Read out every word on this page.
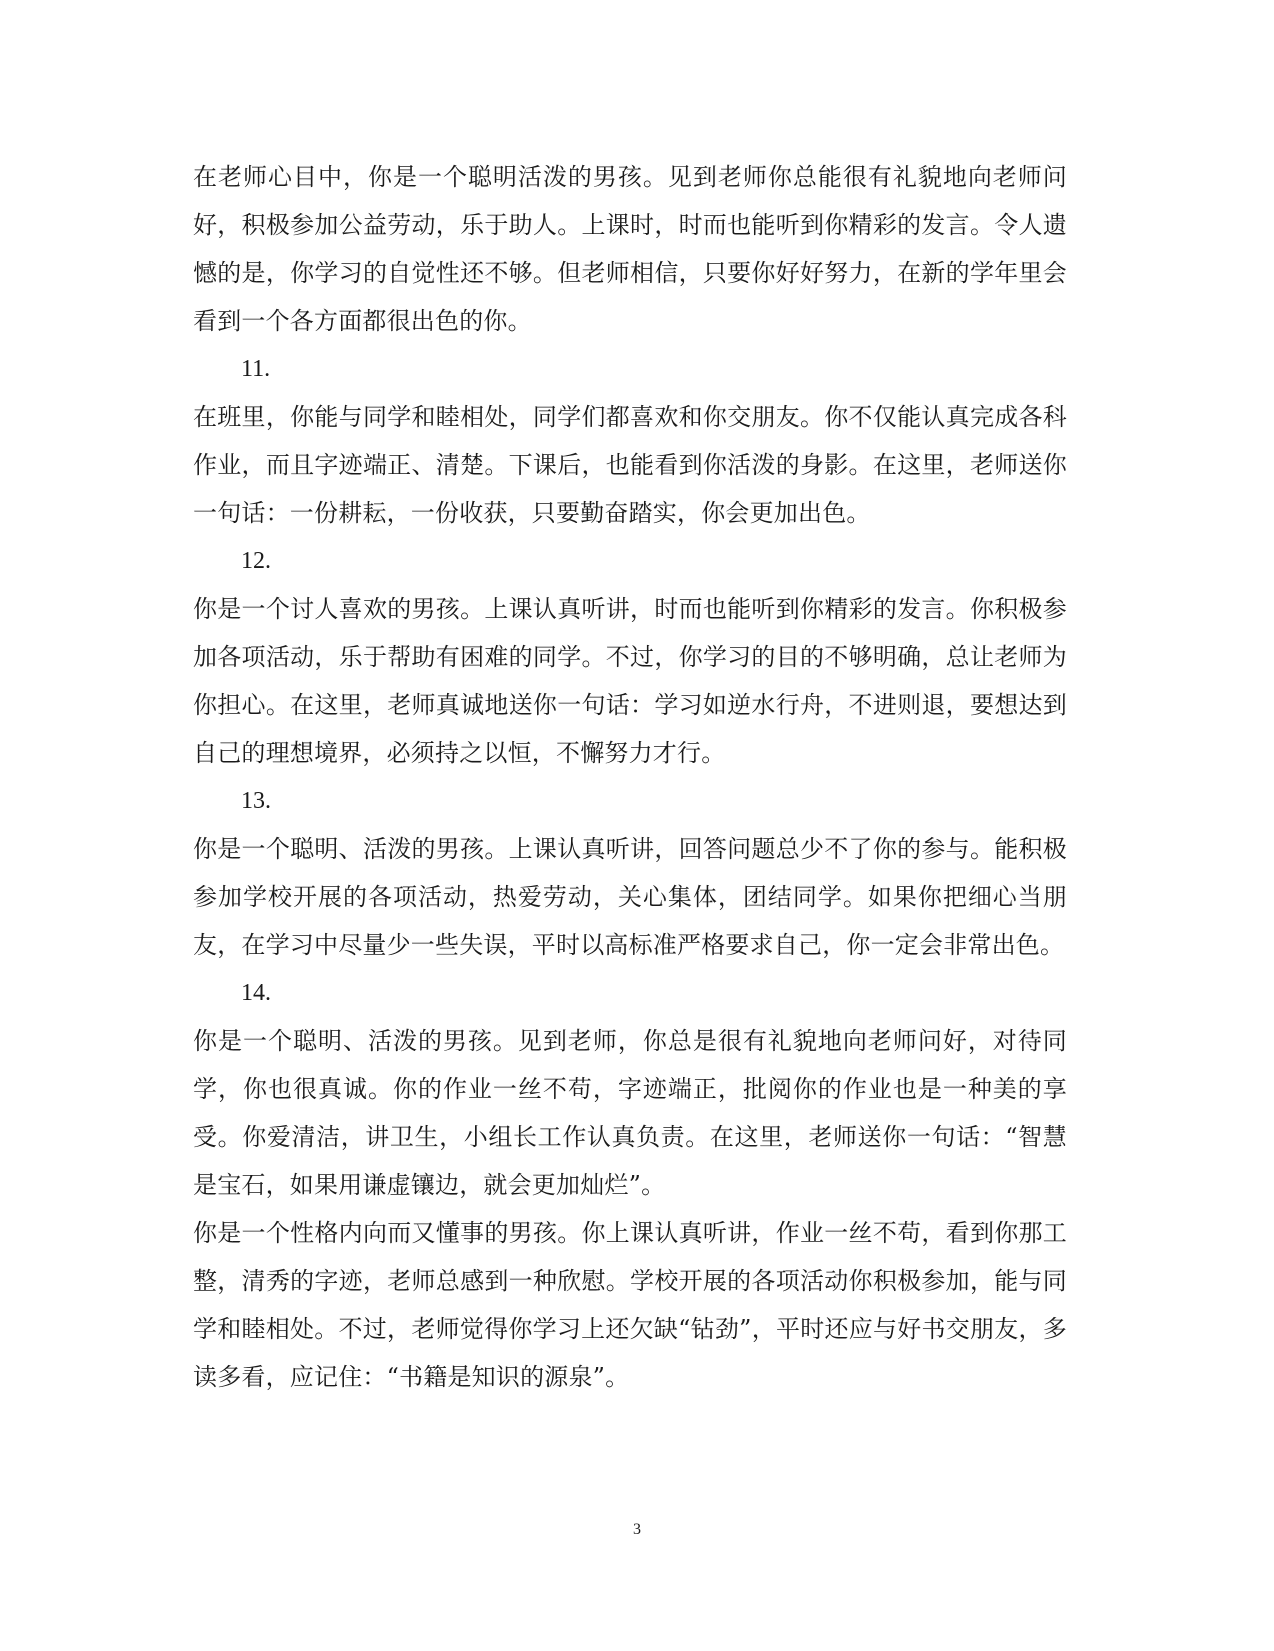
在老师心目中，你是一个聪明活泼的男孩。见到老师你总能很有礼貌地向老师问好，积极参加公益劳动，乐于助人。上课时，时而也能听到你精彩的发言。令人遗憾的是，你学习的自觉性还不够。但老师相信，只要你好好努力，在新的学年里会看到一个各方面都很出色的你。

11.

在班里，你能与同学和睦相处，同学们都喜欢和你交朋友。你不仅能认真完成各科作业，而且字迹端正、清楚。下课后，也能看到你活泼的身影。在这里，老师送你一句话：一份耕耘，一份收获，只要勤奋踏实，你会更加出色。

12.

你是一个讨人喜欢的男孩。上课认真听讲，时而也能听到你精彩的发言。你积极参加各项活动，乐于帮助有困难的同学。不过，你学习的目的不够明确，总让老师为你担心。在这里，老师真诚地送你一句话：学习如逆水行舟，不进则退，要想达到自己的理想境界，必须持之以恒，不懈努力才行。

13.

你是一个聪明、活泼的男孩。上课认真听讲，回答问题总少不了你的参与。能积极参加学校开展的各项活动，热爱劳动，关心集体，团结同学。如果你把细心当朋友，在学习中尽量少一些失误，平时以高标准严格要求自己，你一定会非常出色。

14.

你是一个聪明、活泼的男孩。见到老师，你总是很有礼貌地向老师问好，对待同学，你也很真诚。你的作业一丝不苟，字迹端正，批阅你的作业也是一种美的享受。你爱清洁，讲卫生，小组长工作认真负责。在这里，老师送你一句话：“智慧是宝石，如果用谦虚镶边，就会更加灿烂”。

你是一个性格内向而又懂事的男孩。你上课认真听讲，作业一丝不苟，看到你那工整，清秀的字迹，老师总感到一种欣慰。学校开展的各项活动你积极参加，能与同学和睦相处。不过，老师觉得你学习上还欠缺“钻劲”，平时还应与好书交朋友，多读多看，应记住：“书籍是知识的源泉”。

3
